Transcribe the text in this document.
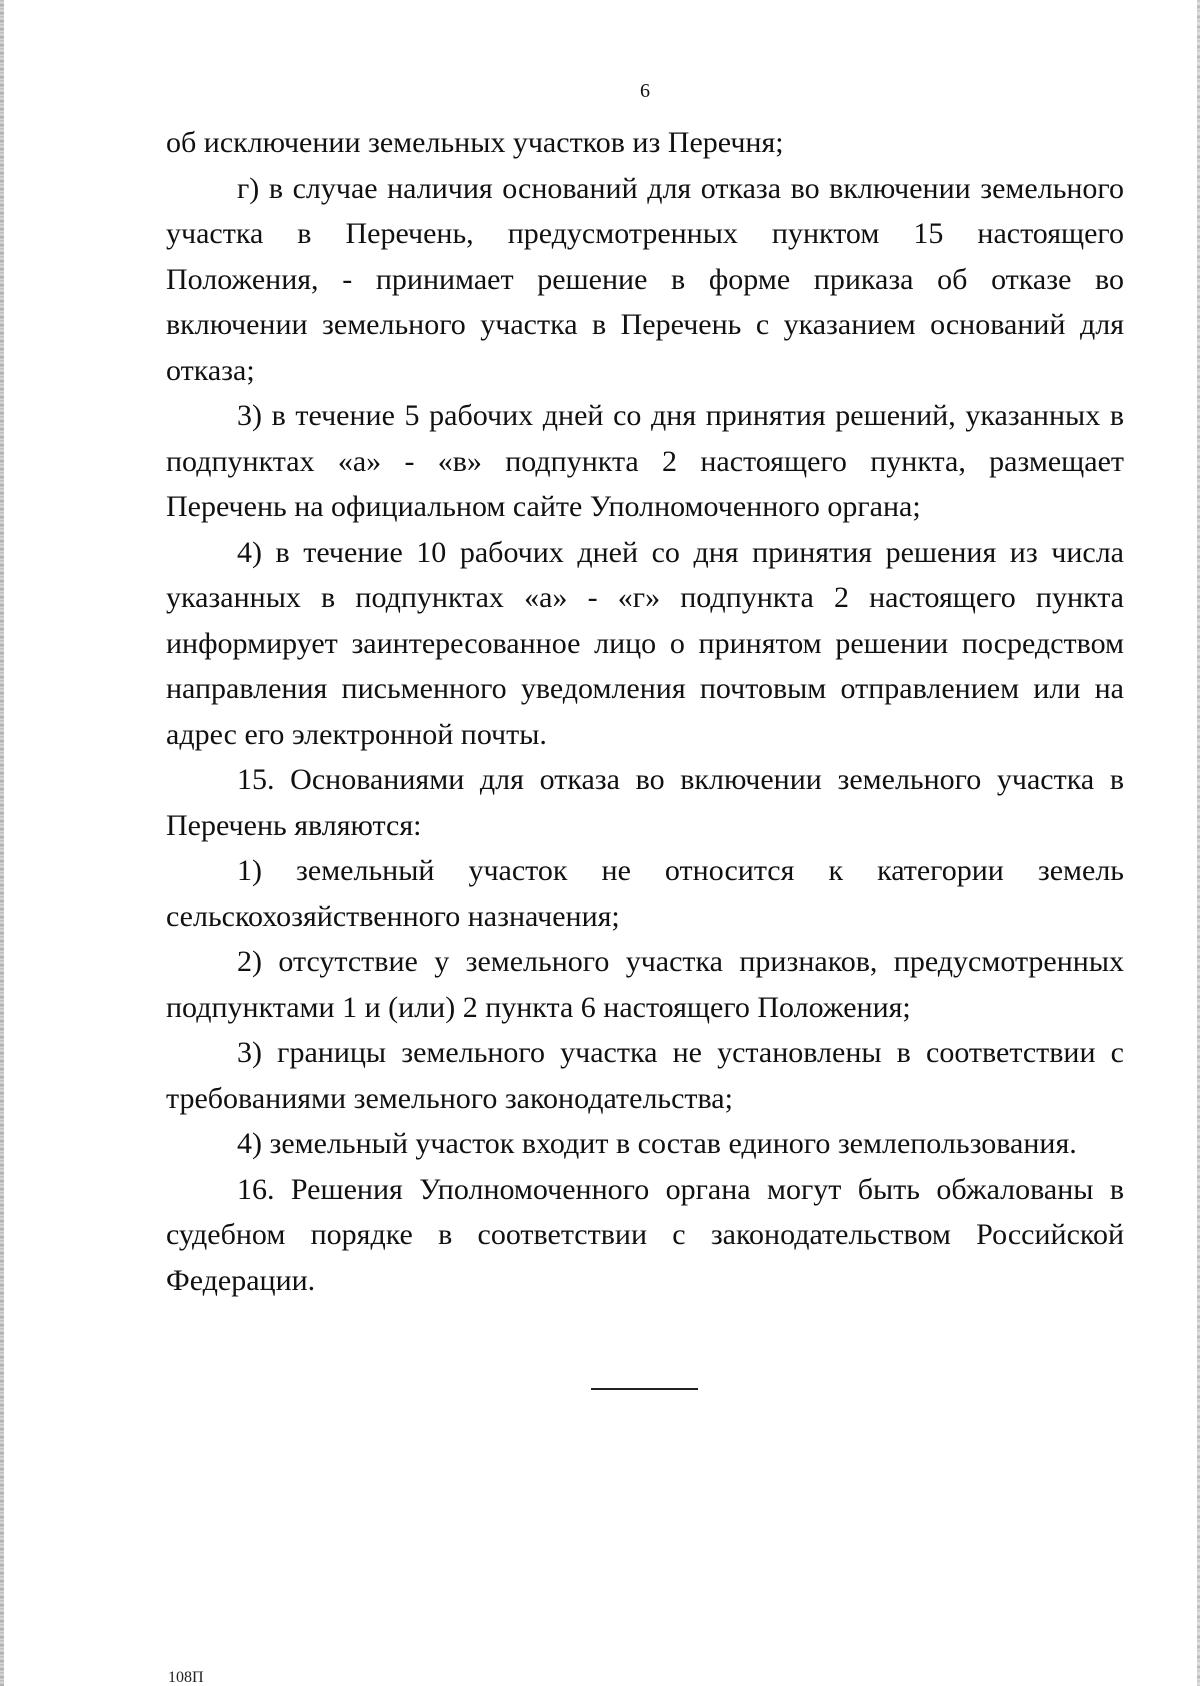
6

об исключении земельных участков из Перечня;

г) в случае наличия оснований для отказа во включении земельного участка в Перечень, предусмотренных пунктом 15 настоящего Положения, - принимает решение в форме приказа об отказе во включении земельного участка в Перечень с указанием оснований для отказа;

3) в течение 5 рабочих дней со дня принятия решений, указанных в подпунктах «а» - «в» подпункта 2 настоящего пункта, размещает Перечень на официальном сайте Уполномоченного органа;

4) в течение 10 рабочих дней со дня принятия решения из числа указанных в подпунктах «а» - «г» подпункта 2 настоящего пункта информирует заинтересованное лицо о принятом решении посредством направления письменного уведомления почтовым отправлением или на адрес его электронной почты.

15. Основаниями для отказа во включении земельного участка в Перечень являются:

1) земельный участок не относится к категории земель сельскохозяйственного назначения;

2) отсутствие у земельного участка признаков, предусмотренных подпунктами 1 и (или) 2 пункта 6 настоящего Положения;

3) границы земельного участка не установлены в соответствии с требованиями земельного законодательства;

4) земельный участок входит в состав единого землепользования.

16. Решения Уполномоченного органа могут быть обжалованы в судебном порядке в соответствии с законодательством Российской Федерации.

108П
